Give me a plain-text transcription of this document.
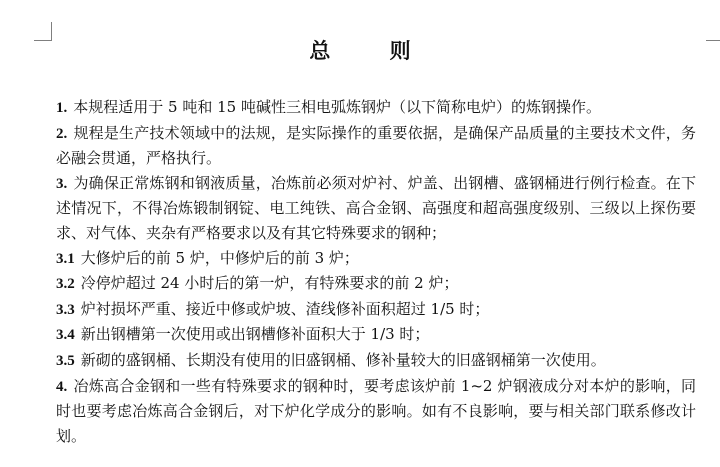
总 则

1. 本规程适用于 5 吨和 15 吨碱性三相电弧炼钢炉（以下简称电炉）的炼钢操作。

2. 规程是生产技术领域中的法规，是实际操作的重要依据，是确保产品质量的主要技术文件，务必融会贯通，严格执行。

3. 为确保正常炼钢和钢液质量，冶炼前必须对炉衬、炉盖、出钢槽、盛钢桶进行例行检查。在下述情况下，不得冶炼锻制钢锭、电工纯铁、高合金钢、高强度和超高强度级别、三级以上探伤要求、对气体、夹杂有严格要求以及有其它特殊要求的钢种；

3.1 大修炉后的前 5 炉，中修炉后的前 3 炉；

3.2 冷停炉超过 24 小时后的第一炉，有特殊要求的前 2 炉；

3.3 炉衬损坏严重、接近中修或炉坡、渣线修补面积超过 1/5 时；

3.4 新出钢槽第一次使用或出钢槽修补面积大于 1/3 时；

3.5 新砌的盛钢桶、长期没有使用的旧盛钢桶、修补量较大的旧盛钢桶第一次使用。

4. 冶炼高合金钢和一些有特殊要求的钢种时，要考虑该炉前 1~2 炉钢液成分对本炉的影响，同时也要考虑冶炼高合金钢后，对下炉化学成分的影响。如有不良影响，要与相关部门联系修改计划。
